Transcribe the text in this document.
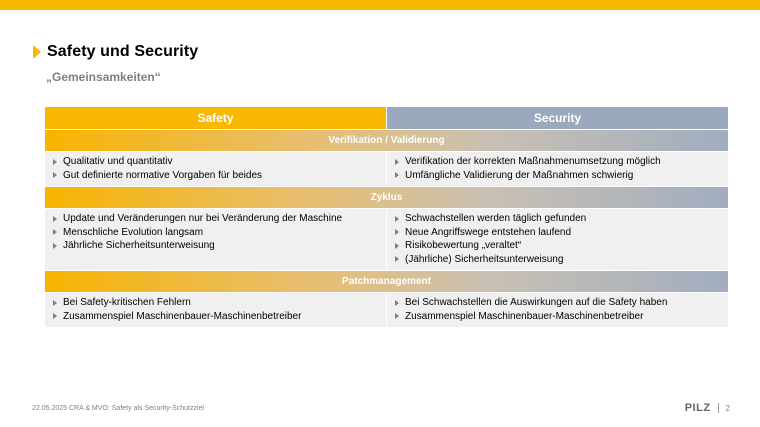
Safety und Security
„Gemeinsamkeiten“
Safety	Security
Verifikation / Validierung
Qualitativ und quantitativ
Gut definierte normative Vorgaben für beides
Verifikation der korrekten Maßnahmenumsetzung möglich
Umfängliche Validierung der Maßnahmen schwierig
Zyklus
Update und Veränderungen nur bei Veränderung der Maschine
Menschliche Evolution langsam
Jährliche Sicherheitsunterweisung
Schwachstellen werden täglich gefunden
Neue Angriffswege entstehen laufend
Risikobewertung „veraltet“
(Jährliche) Sicherheitsunterweisung
Patchmanagement
Bei Safety-kritischen Fehlern
Zusammenspiel Maschinenbauer-Maschinenbetreiber
Bei Schwachstellen die Auswirkungen auf die Safety haben
Zusammenspiel Maschinenbauer-Maschinenbetreiber
22.05.2025 CRA & MVO: Safety als Security-Schutzziel	PILZ 2
